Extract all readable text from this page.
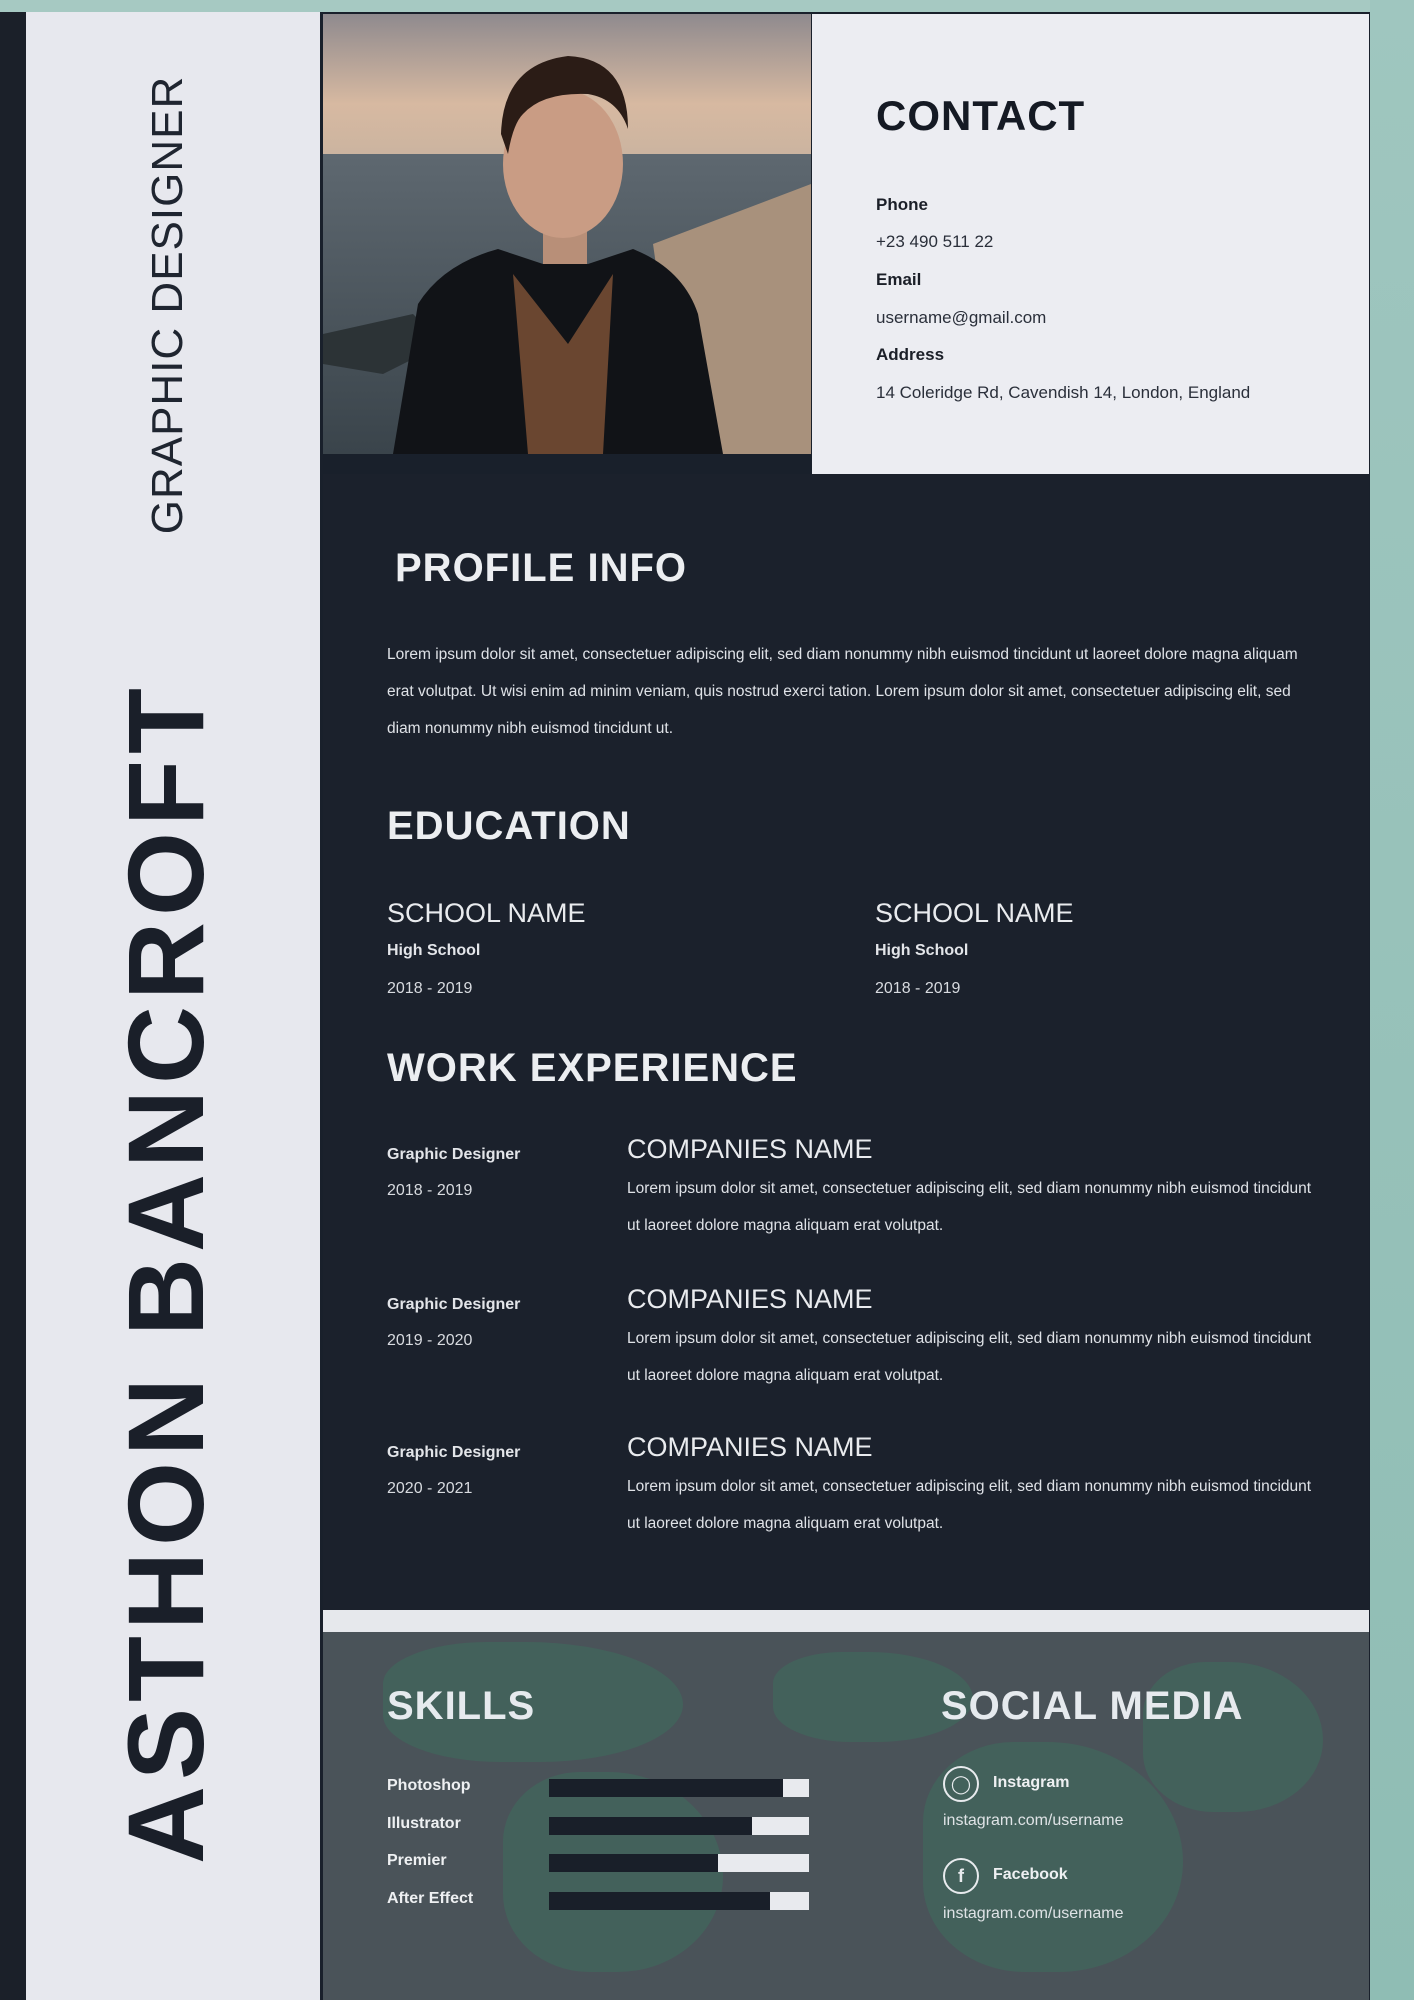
GRAPHIC DESIGNER
ASTHON BANCROFT
CONTACT
Phone
+23 490 511 22
Email
username@gmail.com
Address
14 Coleridge Rd, Cavendish 14, London, England
PROFILE INFO

Lorem ipsum dolor sit amet, consectetuer adipiscing elit, sed diam nonummy nibh euismod tincidunt ut laoreet dolore magna aliquam erat volutpat. Ut wisi enim ad minim veniam, quis nostrud exerci tation. Lorem ipsum dolor sit amet, consectetuer adipiscing elit, sed diam nonummy nibh euismod tincidunt ut.

EDUCATION
SCHOOL NAME
High School
2018 - 2019
SCHOOL NAME
High School
2018 - 2019
WORK EXPERIENCE
Graphic Designer
2018 - 2019
COMPANIES NAME

Lorem ipsum dolor sit amet, consectetuer adipiscing elit, sed diam nonummy nibh euismod tincidunt ut laoreet dolore magna aliquam erat volutpat.

Graphic Designer
2019 - 2020
COMPANIES NAME

Lorem ipsum dolor sit amet, consectetuer adipiscing elit, sed diam nonummy nibh euismod tincidunt ut laoreet dolore magna aliquam erat volutpat.

Graphic Designer
2020 - 2021
COMPANIES NAME

Lorem ipsum dolor sit amet, consectetuer adipiscing elit, sed diam nonummy nibh euismod tincidunt ut laoreet dolore magna aliquam erat volutpat.

SKILLS
Photoshop
Illustrator
Premier
After Effect
SOCIAL MEDIA
◯	Instagram
instagram.com/username
f	Facebook
instagram.com/username
